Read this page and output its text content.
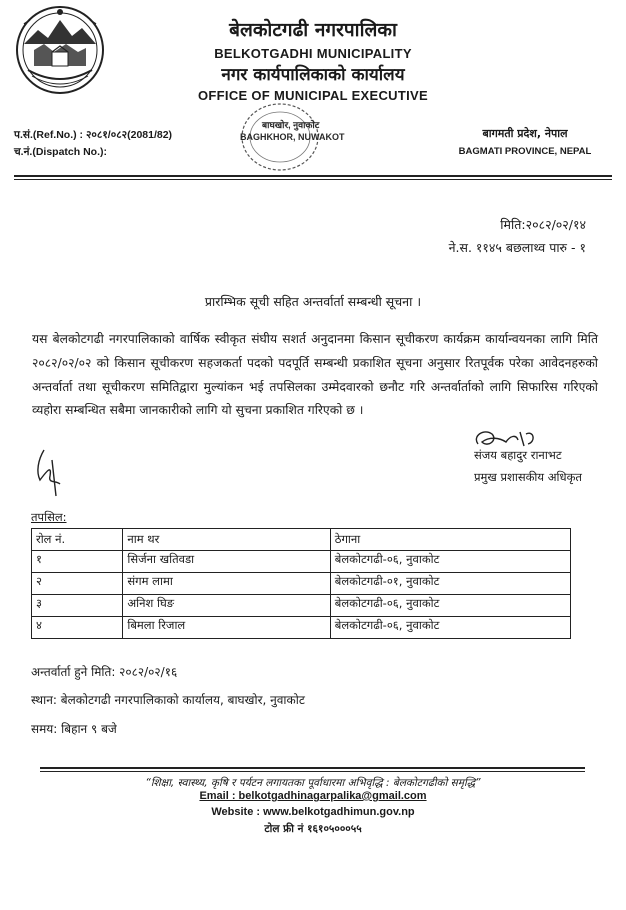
बेलकोटगढी नगरपालिका
BELKOTGADHI MUNICIPALITY
नगर कार्यपालिकाको कार्यालय
OFFICE OF MUNICIPAL EXECUTIVE
बाघखोर, नुवाकोट
BAGHKHOR, NUWAKOT
प.सं.(Ref.No.) : २०८१/०८२(2081/82)
च.नं.(Dispatch No.):
बागमती प्रदेश, नेपाल
BAGMATI PROVINCE, NEPAL
मिति:२०८२/०२/१४
ने.स. ११४५ बछलाथ्व पारु - १
प्रारम्भिक सूची सहित अन्तर्वार्ता सम्बन्धी सूचना ।
यस बेलकोटगढी नगरपालिकाको वार्षिक स्वीकृत संघीय सशर्त अनुदानमा किसान सूचीकरण कार्यक्रम कार्यान्वयनका लागि मिति २०८२/०२/०२ को किसान सूचीकरण सहजकर्ता पदको पदपूर्ति सम्बन्धी प्रकाशित सूचना अनुसार रितपूर्वक परेका आवेदनहरुको अन्तर्वार्ता तथा सूचीकरण समितिद्वारा मुल्यांकन भई तपसिलका उम्मेदवारको छनौट गरि अन्तर्वार्ताको लागि सिफारिस गरिएको व्यहोरा सम्बन्धित सबैमा जानकारीको लागि यो सुचना प्रकाशित गरिएको छ ।
संजय बहादुर रानाभट
प्रमुख प्रशासकीय अधिकृत
तपसिल:
रोल नं.	नाम थर	ठेगाना
१	सिर्जना खतिवडा	बेलकोटगढी-०६, नुवाकोट
२	संगम लामा	बेलकोटगढी-०१, नुवाकोट
३	अनिश घिङ	बेलकोटगढी-०६, नुवाकोट
४	बिमला रिजाल	बेलकोटगढी-०६, नुवाकोट
अन्तर्वार्ता हुने मिति: २०८२/०२/१६
स्थान: बेलकोटगढी नगरपालिकाको कार्यालय, बाघखोर, नुवाकोट
समय: बिहान ९ बजे
“शिक्षा, स्वास्थ्य, कृषि र पर्यटन लगायतका पूर्वाधारमा अभिवृद्धि : बेलकोटगढीको समृद्धि”
Email : belkotgadhinagarpalika@gmail.com
Website : www.belkotgadhimun.gov.np
टोल फ्री नं १६१०५०००५५
